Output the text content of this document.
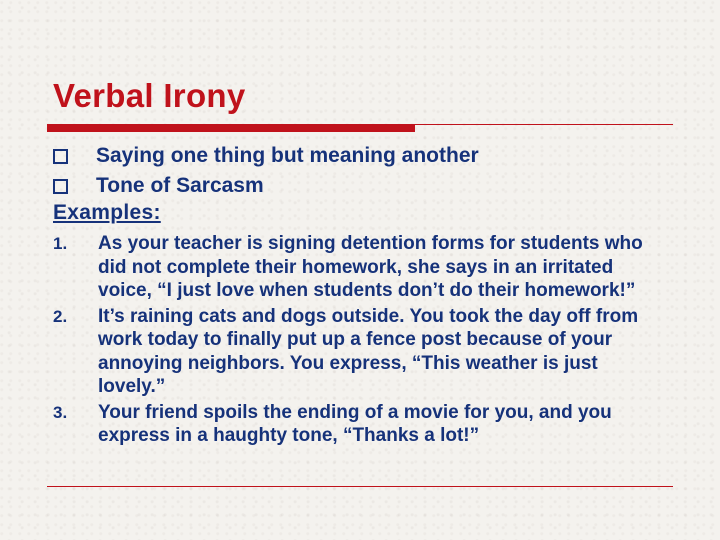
Verbal Irony
Saying one thing but meaning another
Tone of Sarcasm

Examples:

1.	As your teacher is signing detention forms for students who did not complete their homework, she says in an irritated voice, “I just love when students don’t do their homework!”
2.	It’s raining cats and dogs outside. You took the day off from work today to finally put up a fence post because of your annoying neighbors. You express, “This weather is just lovely.”
3.	Your friend spoils the ending of a movie for you, and you express in a haughty tone, “Thanks a lot!”
